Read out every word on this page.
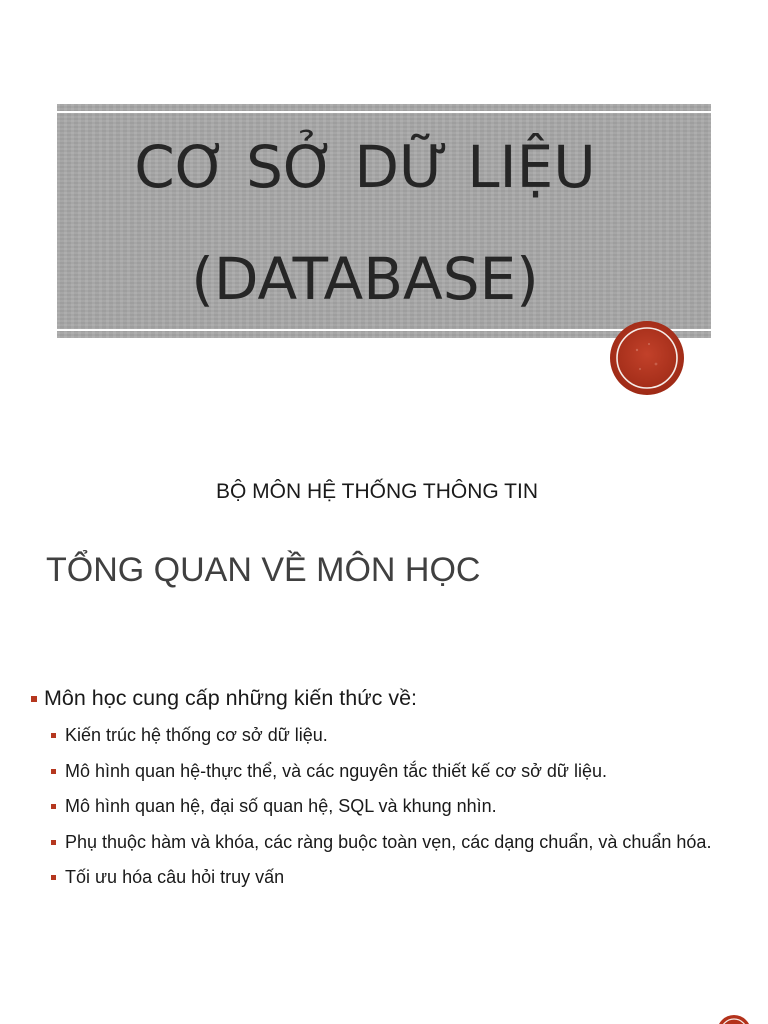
CƠ SỞ DỮ LIỆU
(DATABASE)
BỘ MÔN HỆ THỐNG THÔNG TIN
TỔNG QUAN VỀ MÔN HỌC
Môn học cung cấp những kiến thức về:
Kiến trúc hệ thống cơ sở dữ liệu.
Mô hình quan hệ-thực thể, và các nguyên tắc thiết kế cơ sở dữ liệu.
Mô hình quan hệ, đại số quan hệ, SQL và khung nhìn.
Phụ thuộc hàm và khóa, các ràng buộc toàn vẹn, các dạng chuẩn, và chuẩn hóa.
Tối ưu hóa câu hỏi truy vấn
